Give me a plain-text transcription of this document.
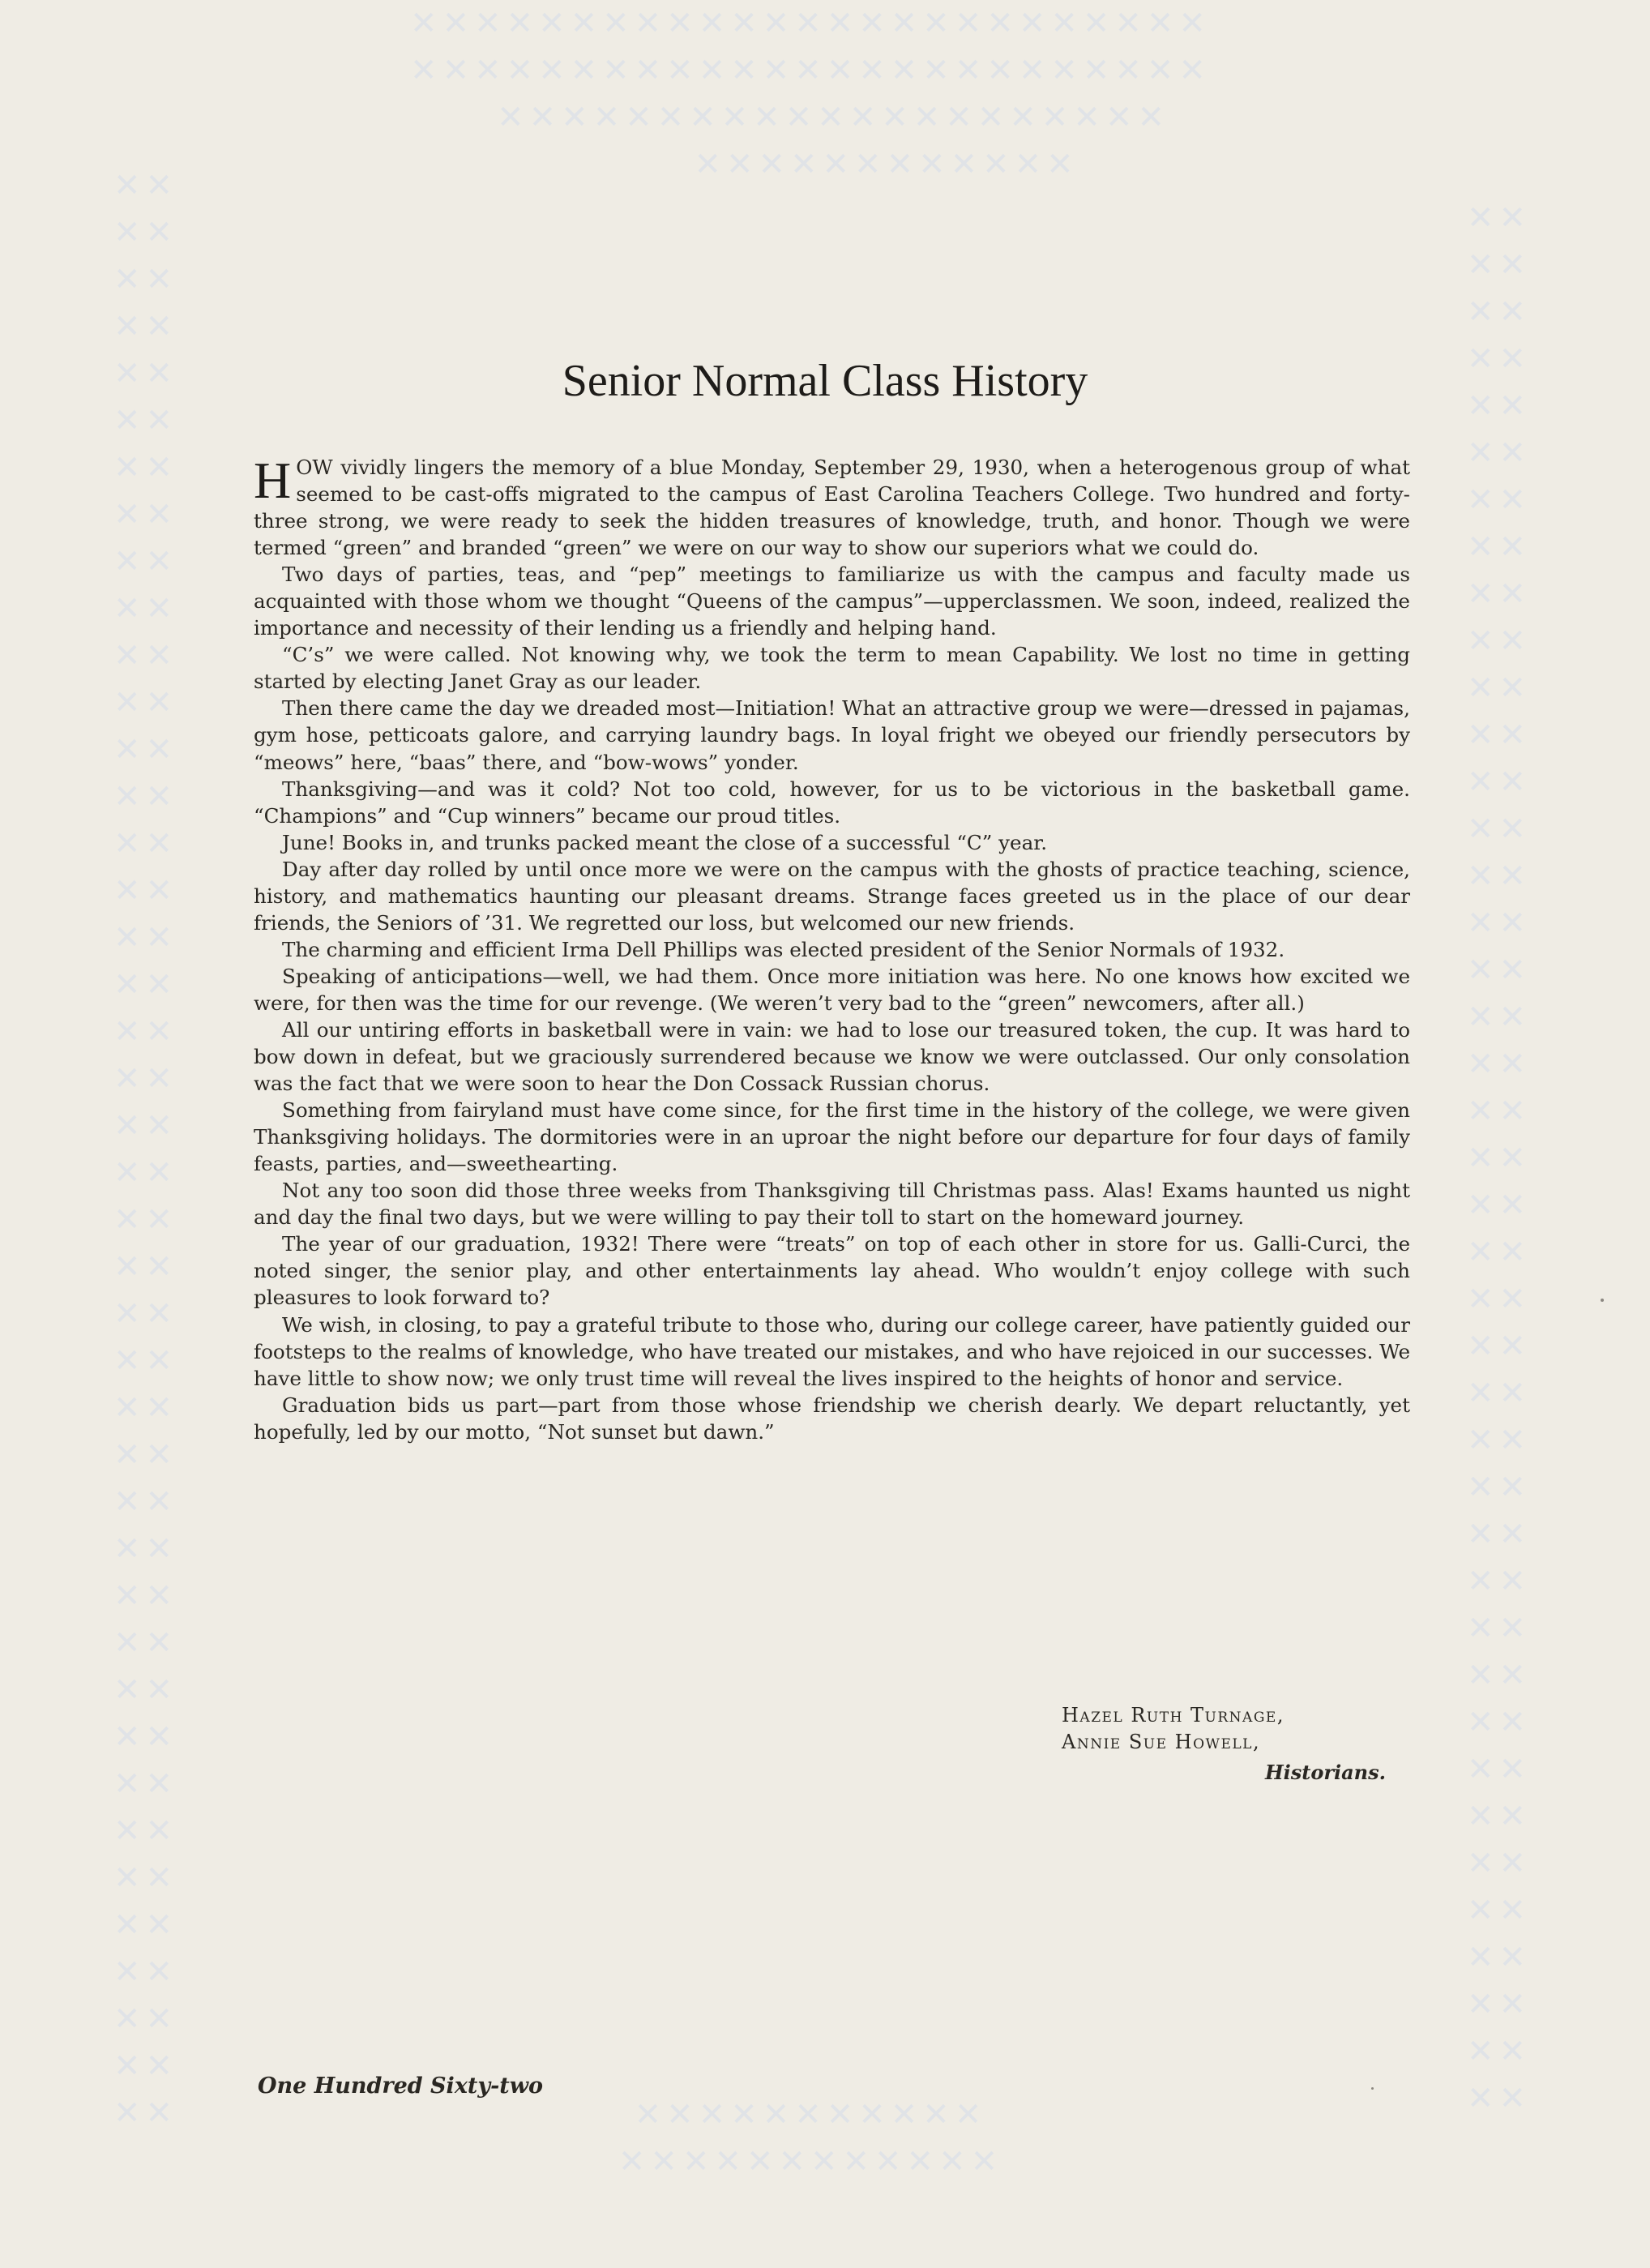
✕✕✕✕✕✕✕✕✕✕✕✕✕✕✕✕✕✕✕✕✕✕✕✕✕
✕✕✕✕✕✕✕✕✕✕✕✕✕✕✕✕✕✕✕✕✕✕✕✕✕
✕✕✕✕✕✕✕✕✕✕✕✕✕✕✕✕✕✕✕✕✕
✕✕✕✕✕✕✕✕✕✕✕✕
✕✕✕✕✕✕✕✕✕✕✕✕✕✕✕✕✕✕✕✕✕✕✕✕✕✕✕✕✕✕✕✕✕✕✕✕✕✕✕✕✕✕✕✕✕✕✕✕✕✕✕✕✕✕✕✕✕✕✕✕✕✕✕✕✕✕✕✕✕✕✕✕✕✕✕✕✕✕✕✕✕✕✕✕
✕✕✕✕✕✕✕✕✕✕✕✕✕✕✕✕✕✕✕✕✕✕✕✕✕✕✕✕✕✕✕✕✕✕✕✕✕✕✕✕✕✕✕✕✕✕✕✕✕✕✕✕✕✕✕✕✕✕✕✕✕✕✕✕✕✕✕✕✕✕✕✕✕✕✕✕✕✕✕✕✕✕
✕✕✕✕✕✕✕✕✕✕✕
✕✕✕✕✕✕✕✕✕✕✕✕
Senior Normal Class History

HOW vividly lingers the memory of a blue Monday, September 29, 1930, when a heterogenous group of what seemed to be cast-offs migrated to the campus of East Carolina Teachers College. Two hundred and forty-three strong, we were ready to seek the hidden treasures of knowledge, truth, and honor. Though we were termed “green” and branded “green” we were on our way to show our superiors what we could do.

Two days of parties, teas, and “pep” meetings to familiarize us with the campus and faculty made us acquainted with those whom we thought “Queens of the campus”—upperclassmen. We soon, indeed, realized the importance and necessity of their lending us a friendly and helping hand.

“C’s” we were called. Not knowing why, we took the term to mean Capability. We lost no time in getting started by electing Janet Gray as our leader.

Then there came the day we dreaded most—Initiation! What an attractive group we were—dressed in pajamas, gym hose, petticoats galore, and carrying laundry bags. In loyal fright we obeyed our friendly persecutors by “meows” here, “baas” there, and “bow-wows” yonder.

Thanksgiving—and was it cold? Not too cold, however, for us to be victorious in the basketball game. “Champions” and “Cup winners” became our proud titles.

June! Books in, and trunks packed meant the close of a successful “C” year.

Day after day rolled by until once more we were on the campus with the ghosts of practice teaching, science, history, and mathematics haunting our pleasant dreams. Strange faces greeted us in the place of our dear friends, the Seniors of ’31. We regretted our loss, but welcomed our new friends.

The charming and efficient Irma Dell Phillips was elected president of the Senior Normals of 1932.

Speaking of anticipations—well, we had them. Once more initiation was here. No one knows how excited we were, for then was the time for our revenge. (We weren’t very bad to the “green” newcomers, after all.)

All our untiring efforts in basketball were in vain: we had to lose our treasured token, the cup. It was hard to bow down in defeat, but we graciously surrendered because we know we were outclassed. Our only consolation was the fact that we were soon to hear the Don Cossack Russian chorus.

Something from fairyland must have come since, for the first time in the history of the college, we were given Thanksgiving holidays. The dormitories were in an uproar the night before our departure for four days of family feasts, parties, and—sweethearting.

Not any too soon did those three weeks from Thanksgiving till Christmas pass. Alas! Exams haunted us night and day the final two days, but we were willing to pay their toll to start on the homeward journey.

The year of our graduation, 1932! There were “treats” on top of each other in store for us. Galli-Curci, the noted singer, the senior play, and other entertainments lay ahead. Who wouldn’t enjoy college with such pleasures to look forward to?

We wish, in closing, to pay a grateful tribute to those who, during our college career, have patiently guided our footsteps to the realms of knowledge, who have treated our mistakes, and who have rejoiced in our successes. We have little to show now; we only trust time will reveal the lives inspired to the heights of honor and service.

Graduation bids us part—part from those whose friendship we cherish dearly. We depart reluctantly, yet hopefully, led by our motto, “Not sunset but dawn.”

Hazel Ruth Turnage,
Annie Sue Howell,
Historians.
One Hundred Sixty-two
